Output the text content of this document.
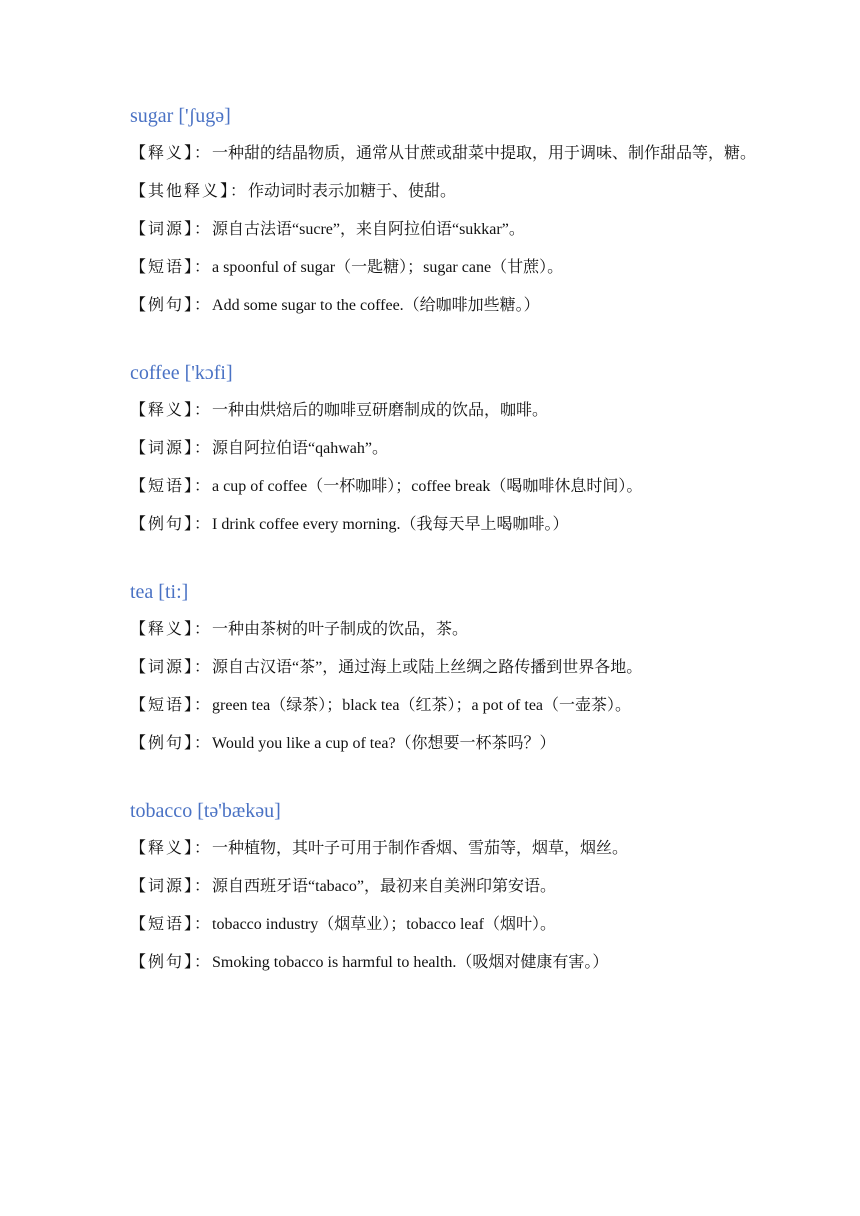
sugar ['ʃugə]
【释义】：一种甜的结晶物质，通常从甘蔗或甜菜中提取，用于调味、制作甜品等，糖。
【其他释义】：作动词时表示加糖于、使甜。
【词源】：源自古法语“sucre”，来自阿拉伯语“sukkar”。
【短语】：a spoonful of sugar（一匙糖）；sugar cane（甘蔗）。
【例句】：Add some sugar to the coffee.（给咖啡加些糖。）
coffee ['kɔfi]
【释义】：一种由烘焙后的咖啡豆研磨制成的饮品，咖啡。
【词源】：源自阿拉伯语“qahwah”。
【短语】：a cup of coffee（一杯咖啡）；coffee break（喝咖啡休息时间）。
【例句】：I drink coffee every morning.（我每天早上喝咖啡。）
tea [ti:]
【释义】：一种由茶树的叶子制成的饮品，茶。
【词源】：源自古汉语“茶”，通过海上或陆上丝绸之路传播到世界各地。
【短语】：green tea（绿茶）；black tea（红茶）；a pot of tea（一壶茶）。
【例句】：Would you like a cup of tea?（你想要一杯茶吗？）
tobacco [tə'bækəu]
【释义】：一种植物，其叶子可用于制作香烟、雪茄等，烟草，烟丝。
【词源】：源自西班牙语“tabaco”，最初来自美洲印第安语。
【短语】：tobacco industry（烟草业）；tobacco leaf（烟叶）。
【例句】：Smoking tobacco is harmful to health.（吸烟对健康有害。）
